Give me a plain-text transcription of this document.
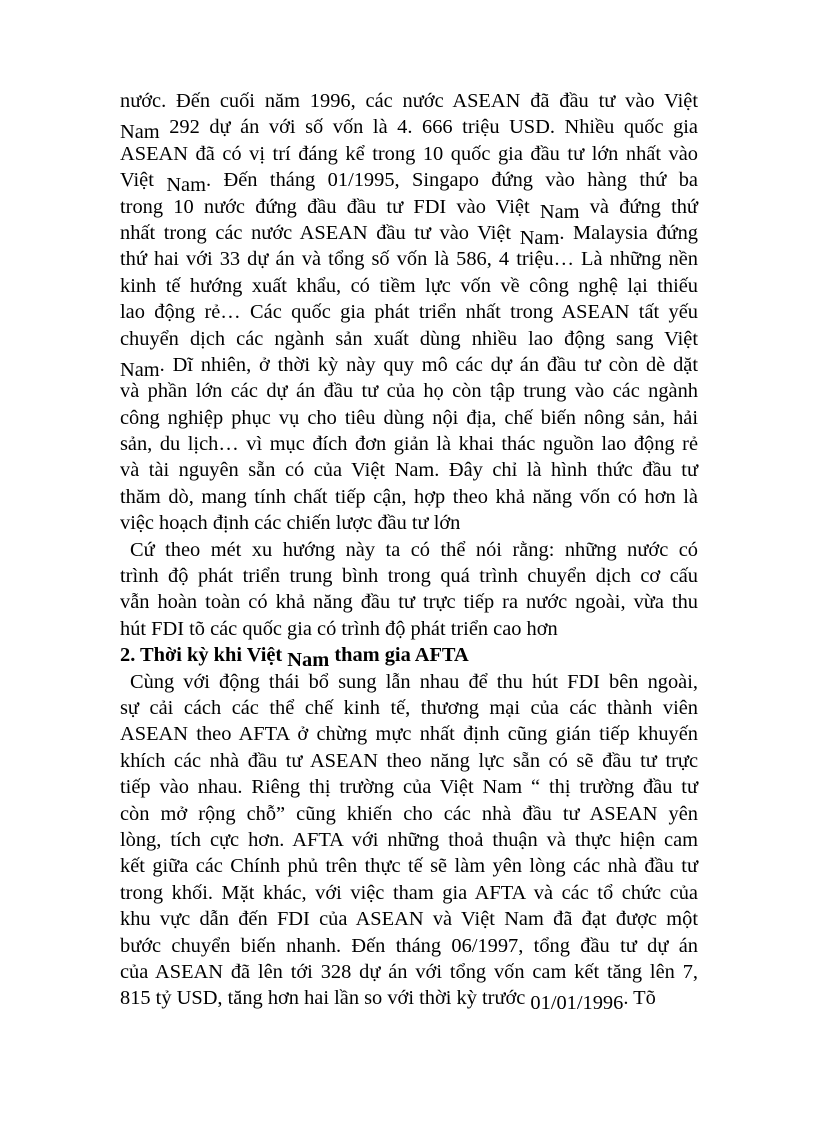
nước. Đến cuối năm 1996, các nước ASEAN đã đầu tư vào Việt
Nam 292 dự án với số vốn là 4. 666 triệu USD. Nhiều quốc gia
ASEAN đã có vị trí đáng kể trong 10 quốc gia đầu tư lớn nhất vào
Việt Nam. Đến tháng 01/1995, Singapo đứng vào hàng thứ ba
trong 10 nước đứng đầu đầu tư FDI vào Việt Nam và đứng thứ
nhất trong các nước ASEAN đầu tư vào Việt Nam. Malaysia đứng
thứ hai với 33 dự án và tổng số vốn là 586, 4 triệu… Là những nền
kinh tế hướng xuất khẩu, có tiềm lực vốn về công nghệ lại thiếu
lao động rẻ… Các quốc gia phát triển nhất trong ASEAN tất yếu
chuyển dịch các ngành sản xuất dùng nhiều lao động sang Việt
Nam. Dĩ nhiên, ở thời kỳ này quy mô các dự án đầu tư còn dè dặt
và phần lớn các dự án đầu tư của họ còn tập trung vào các ngành
công nghiệp phục vụ cho tiêu dùng nội địa, chế biến nông sản, hải
sản, du lịch… vì mục đích đơn giản là khai thác nguồn lao động rẻ
và tài nguyên sẵn có của Việt Nam. Đây chỉ là hình thức đầu tư
thăm dò, mang tính chất tiếp cận, hợp theo khả năng vốn có hơn là
việc hoạch định các chiến lược đầu tư lớn
Cứ theo mét xu hướng này ta có thể nói rằng: những nước có
trình độ phát triển trung bình trong quá trình chuyển dịch cơ cấu
vẫn hoàn toàn có khả năng đầu tư trực tiếp ra nước ngoài, vừa thu
hút FDI tõ các quốc gia có trình độ phát triển cao hơn
2. Thời kỳ khi Việt Nam tham gia AFTA
Cùng với động thái bổ sung lẫn nhau để thu hút FDI bên ngoài,
sự cải cách các thể chế kinh tế, thương mại của các thành viên
ASEAN theo AFTA ở chừng mực nhất định cũng gián tiếp khuyến
khích các nhà đầu tư ASEAN theo năng lực sẵn có sẽ đầu tư trực
tiếp vào nhau. Riêng thị trường của Việt Nam “ thị trường đầu tư
còn mở rộng chỗ” cũng khiến cho các nhà đầu tư ASEAN yên
lòng, tích cực hơn. AFTA với những thoả thuận và thực hiện cam
kết giữa các Chính phủ trên thực tế sẽ làm yên lòng các nhà đầu tư
trong khối. Mặt khác, với việc tham gia AFTA và các tổ chức của
khu vực dẫn đến FDI của ASEAN và Việt Nam đã đạt được một
bước chuyển biến nhanh. Đến tháng 06/1997, tổng đầu tư dự án
của ASEAN đã lên tới 328 dự án với tổng vốn cam kết tăng lên 7,
815 tỷ USD, tăng hơn hai lần so với thời kỳ trước 01/01/1996. Tõ
